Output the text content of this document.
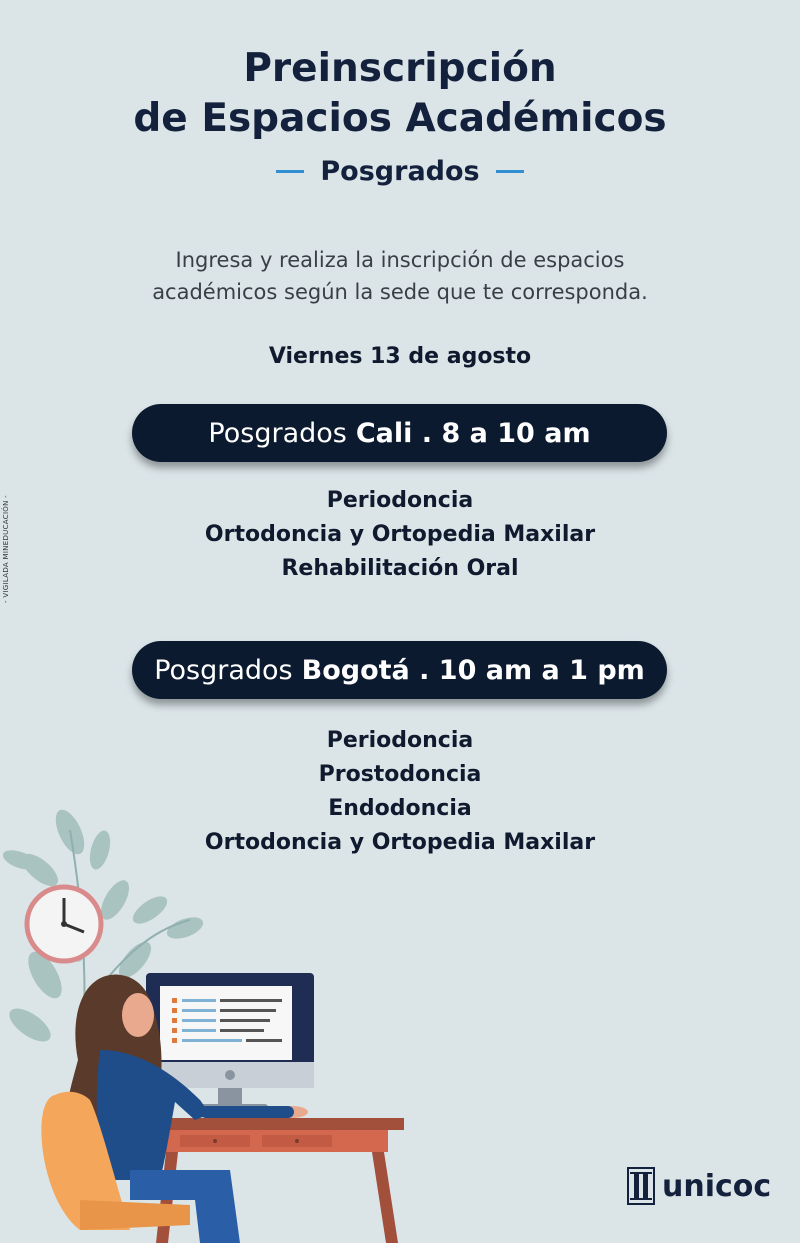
Preinscripción
de Espacios Académicos
Posgrados
Ingresa y realiza la inscripción de espacios
académicos según la sede que te corresponda.
Viernes 13 de agosto
Posgrados Cali . 8 a 10 am
Periodoncia
Ortodoncia y Ortopedia Maxilar
Rehabilitación Oral
Posgrados Bogotá . 10 am a 1 pm
Periodoncia
Prostodoncia
Endodoncia
Ortodoncia y Ortopedia Maxilar
- VIGILADA MINEDUCACIÓN -
unicoc
